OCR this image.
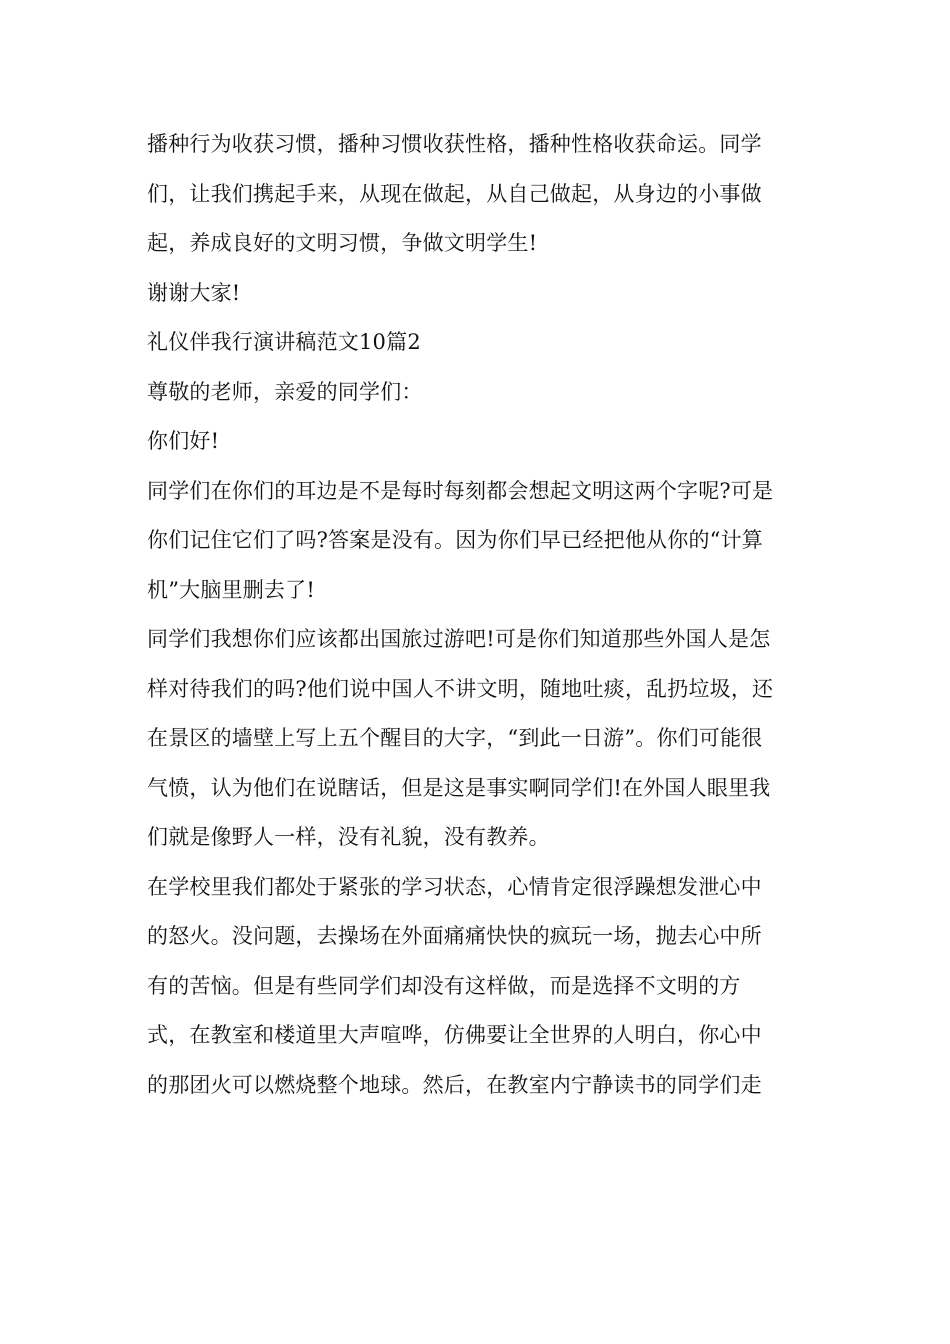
播种行为收获习惯，播种习惯收获性格，播种性格收获命运。同学
们，让我们携起手来，从现在做起，从自己做起，从身边的小事做
起，养成良好的文明习惯，争做文明学生!
谢谢大家!
礼仪伴我行演讲稿范文10篇2
尊敬的老师，亲爱的同学们：
你们好!
同学们在你们的耳边是不是每时每刻都会想起文明这两个字呢?可是
你们记住它们了吗?答案是没有。因为你们早已经把他从你的“计算
机”大脑里删去了!
同学们我想你们应该都出国旅过游吧!可是你们知道那些外国人是怎
样对待我们的吗?他们说中国人不讲文明，随地吐痰，乱扔垃圾，还
在景区的墙壁上写上五个醒目的大字，“到此一日游”。你们可能很
气愤，认为他们在说瞎话，但是这是事实啊同学们!在外国人眼里我
们就是像野人一样，没有礼貌，没有教养。
在学校里我们都处于紧张的学习状态，心情肯定很浮躁想发泄心中
的怒火。没问题，去操场在外面痛痛快快的疯玩一场，抛去心中所
有的苦恼。但是有些同学们却没有这样做，而是选择不文明的方
式，在教室和楼道里大声喧哗，仿佛要让全世界的人明白，你心中
的那团火可以燃烧整个地球。然后，在教室内宁静读书的同学们走
